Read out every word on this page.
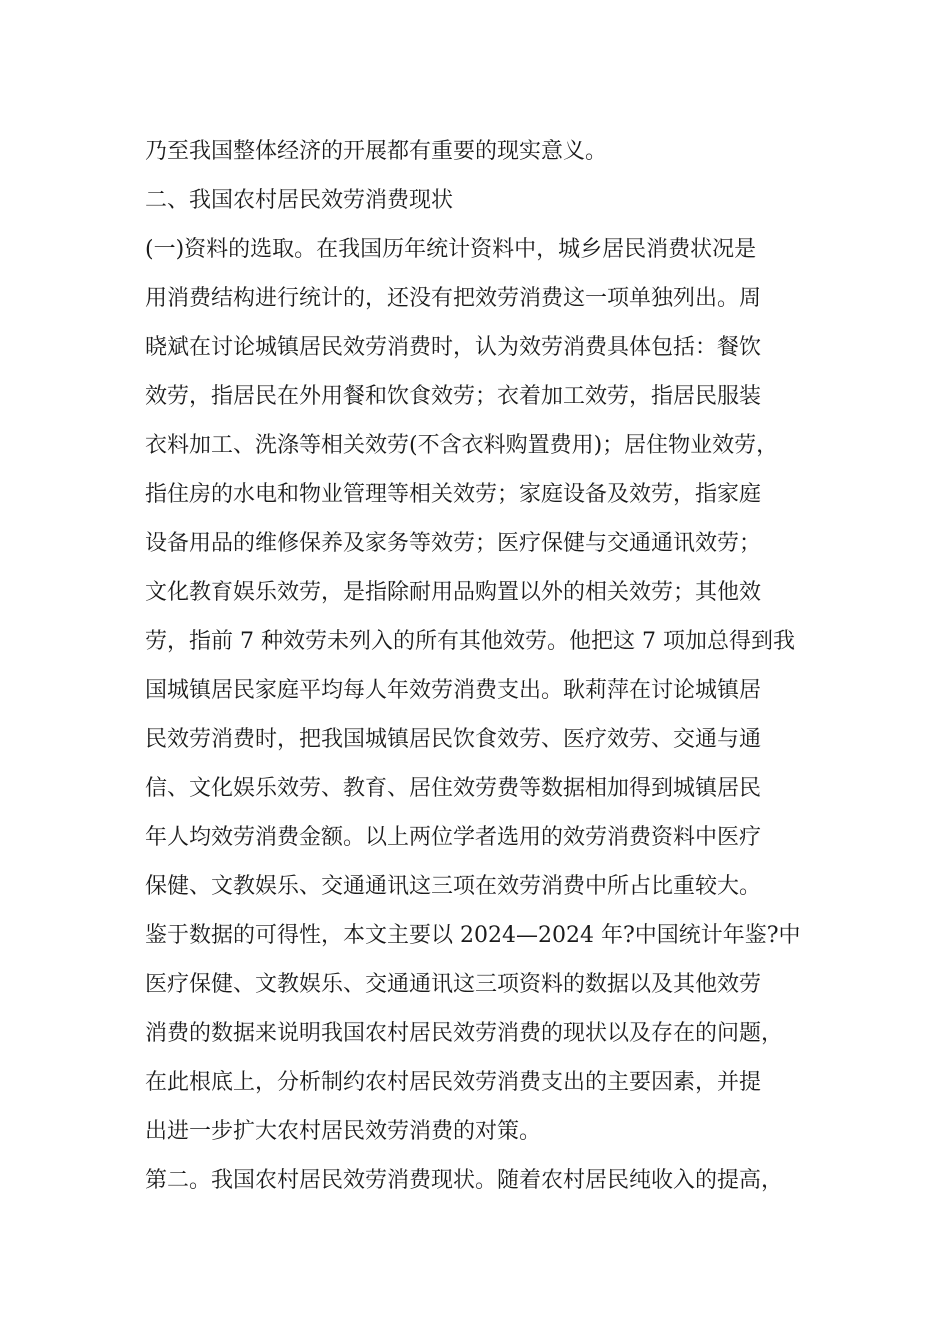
乃至我国整体经济的开展都有重要的现实意义。
二、我国农村居民效劳消费现状
(一)资料的选取。在我国历年统计资料中，城乡居民消费状况是
用消费结构进行统计的，还没有把效劳消费这一项单独列出。周
晓斌在讨论城镇居民效劳消费时，认为效劳消费具体包括：餐饮
效劳，指居民在外用餐和饮食效劳；衣着加工效劳，指居民服装
衣料加工、洗涤等相关效劳(不含衣料购置费用)；居住物业效劳，
指住房的水电和物业管理等相关效劳；家庭设备及效劳，指家庭
设备用品的维修保养及家务等效劳；医疗保健与交通通讯效劳；
文化教育娱乐效劳，是指除耐用品购置以外的相关效劳；其他效
劳，指前 7 种效劳未列入的所有其他效劳。他把这 7 项加总得到我
国城镇居民家庭平均每人年效劳消费支出。耿莉萍在讨论城镇居
民效劳消费时，把我国城镇居民饮食效劳、医疗效劳、交通与通
信、文化娱乐效劳、教育、居住效劳费等数据相加得到城镇居民
年人均效劳消费金额。以上两位学者选用的效劳消费资料中医疗
保健、文教娱乐、交通通讯这三项在效劳消费中所占比重较大。
鉴于数据的可得性，本文主要以 2024—2024 年?中国统计年鉴?中
医疗保健、文教娱乐、交通通讯这三项资料的数据以及其他效劳
消费的数据来说明我国农村居民效劳消费的现状以及存在的问题，
在此根底上，分析制约农村居民效劳消费支出的主要因素，并提
出进一步扩大农村居民效劳消费的对策。
第二。我国农村居民效劳消费现状。随着农村居民纯收入的提高，
